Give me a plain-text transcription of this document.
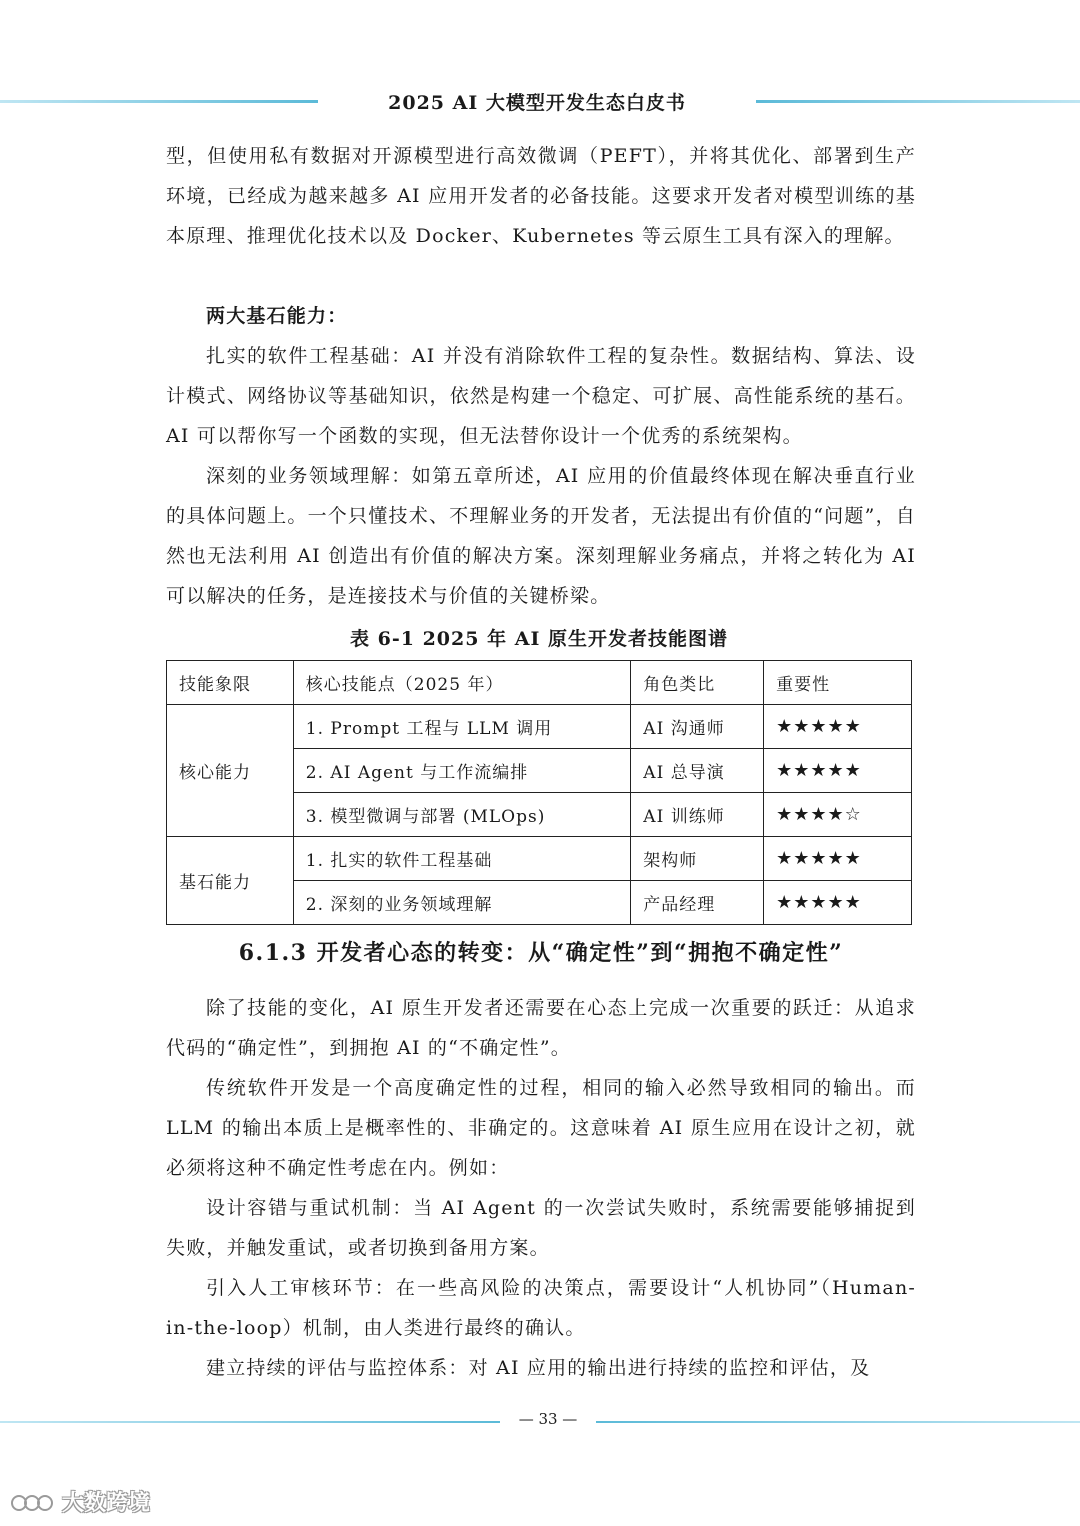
2025 AI 大模型开发生态白皮书

型，但使用私有数据对开源模型进行高效微调（PEFT），并将其优化、部署到生产环境，已经成为越来越多 AI 应用开发者的必备技能。这要求开发者对模型训练的基本原理、推理优化技术以及 Docker、Kubernetes 等云原生工具有深入的理解。

两大基石能力：

扎实的软件工程基础：AI 并没有消除软件工程的复杂性。数据结构、算法、设计模式、网络协议等基础知识，依然是构建一个稳定、可扩展、高性能系统的基石。AI 可以帮你写一个函数的实现，但无法替你设计一个优秀的系统架构。

深刻的业务领域理解：如第五章所述，AI 应用的价值最终体现在解决垂直行业的具体问题上。一个只懂技术、不理解业务的开发者，无法提出有价值的“问题”，自然也无法利用 AI 创造出有价值的解决方案。深刻理解业务痛点，并将之转化为 AI 可以解决的任务，是连接技术与价值的关键桥梁。

表 6-1 2025 年 AI 原生开发者技能图谱
技能象限	核心技能点（2025 年）	角色类比	重要性
核心能力	1. Prompt 工程与 LLM 调用	AI 沟通师	★★★★★
	2. AI Agent 与工作流编排	AI 总导演	★★★★★
	3. 模型微调与部署 (MLOps)	AI 训练师	★★★★☆
基石能力	1. 扎实的软件工程基础	架构师	★★★★★
	2. 深刻的业务领域理解	产品经理	★★★★★
6.1.3 开发者心态的转变：从“确定性”到“拥抱不确定性”

除了技能的变化，AI 原生开发者还需要在心态上完成一次重要的跃迁：从追求代码的“确定性”，到拥抱 AI 的“不确定性”。

传统软件开发是一个高度确定性的过程，相同的输入必然导致相同的输出。而 LLM 的输出本质上是概率性的、非确定的。这意味着 AI 原生应用在设计之初，就必须将这种不确定性考虑在内。例如：

设计容错与重试机制：当 AI Agent 的一次尝试失败时，系统需要能够捕捉到失败，并触发重试，或者切换到备用方案。

引入人工审核环节：在一些高风险的决策点，需要设计“人机协同”（Human-in-the-loop）机制，由人类进行最终的确认。

建立持续的评估与监控体系：对 AI 应用的输出进行持续的监控和评估，及

— 33 —
大数跨境
